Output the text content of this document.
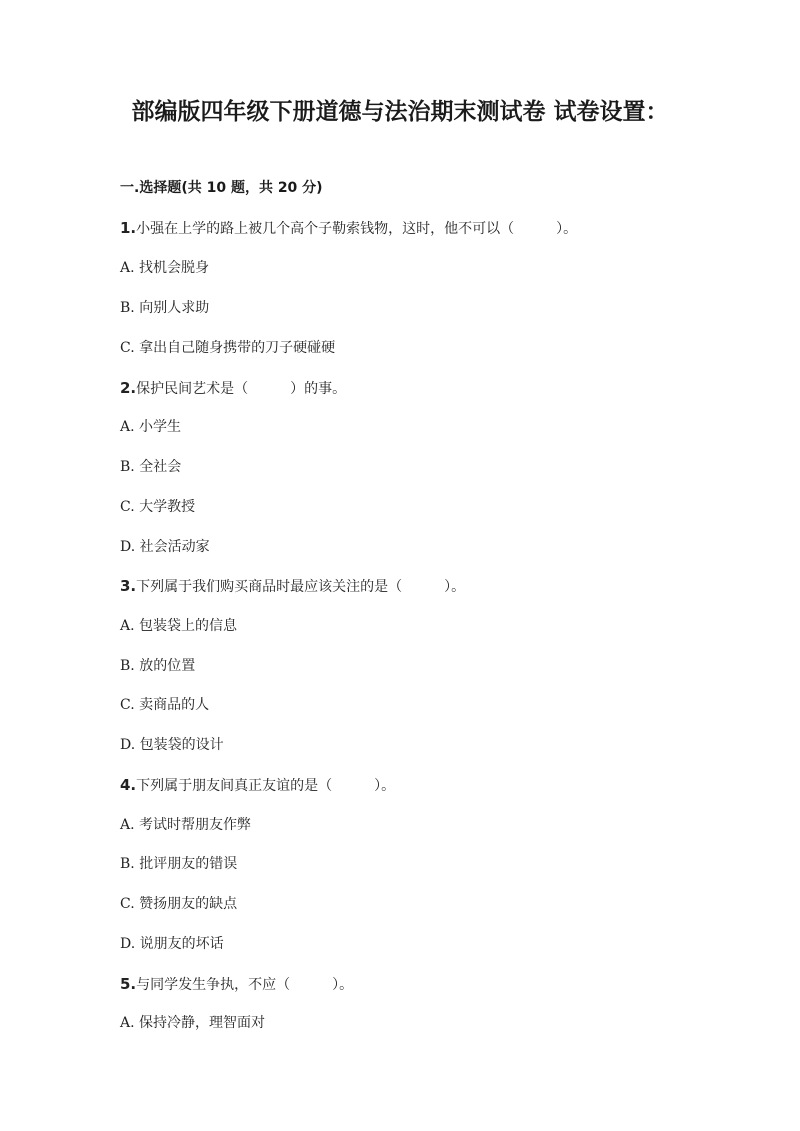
部编版四年级下册道德与法治期末测试卷 试卷设置：
一.选择题(共 10 题，共 20 分)
1.小强在上学的路上被几个高个子勒索钱物，这时，他不可以（　　　）。
A. 找机会脱身
B. 向别人求助
C. 拿出自己随身携带的刀子硬碰硬
2.保护民间艺术是（　　　）的事。
A. 小学生
B. 全社会
C. 大学教授
D. 社会活动家
3.下列属于我们购买商品时最应该关注的是（　　　）。
A. 包装袋上的信息
B. 放的位置
C. 卖商品的人
D. 包装袋的设计
4.下列属于朋友间真正友谊的是（　　　）。
A. 考试时帮朋友作弊
B. 批评朋友的错误
C. 赞扬朋友的缺点
D. 说朋友的坏话
5.与同学发生争执，不应（　　　）。
A. 保持冷静，理智面对
